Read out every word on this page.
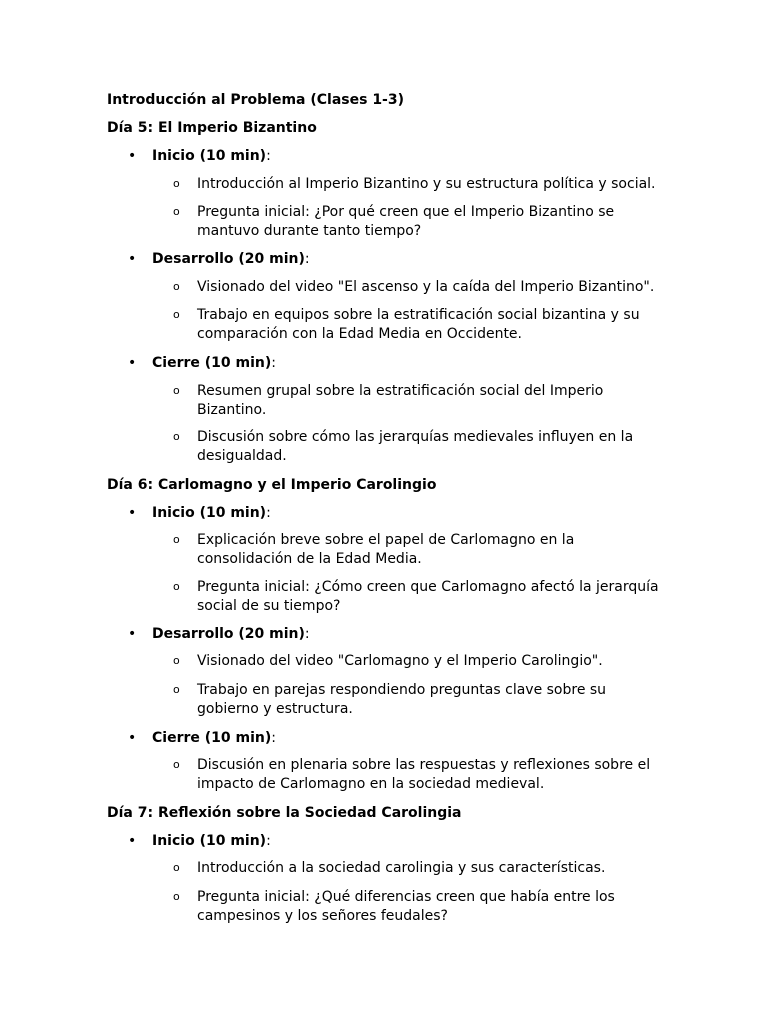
Introducción al Problema (Clases 1-3)
Día 5: El Imperio Bizantino
• Inicio (10 min):
o Introducción al Imperio Bizantino y su estructura política y social.
o Pregunta inicial: ¿Por qué creen que el Imperio Bizantino se mantuvo durante tanto tiempo?
• Desarrollo (20 min):
o Visionado del video "El ascenso y la caída del Imperio Bizantino".
o Trabajo en equipos sobre la estratificación social bizantina y su comparación con la Edad Media en Occidente.
• Cierre (10 min):
o Resumen grupal sobre la estratificación social del Imperio Bizantino.
o Discusión sobre cómo las jerarquías medievales influyen en la desigualdad.
Día 6: Carlomagno y el Imperio Carolingio
• Inicio (10 min):
o Explicación breve sobre el papel de Carlomagno en la consolidación de la Edad Media.
o Pregunta inicial: ¿Cómo creen que Carlomagno afectó la jerarquía social de su tiempo?
• Desarrollo (20 min):
o Visionado del video "Carlomagno y el Imperio Carolingio".
o Trabajo en parejas respondiendo preguntas clave sobre su gobierno y estructura.
• Cierre (10 min):
o Discusión en plenaria sobre las respuestas y reflexiones sobre el impacto de Carlomagno en la sociedad medieval.
Día 7: Reflexión sobre la Sociedad Carolingia
• Inicio (10 min):
o Introducción a la sociedad carolingia y sus características.
o Pregunta inicial: ¿Qué diferencias creen que había entre los campesinos y los señores feudales?
